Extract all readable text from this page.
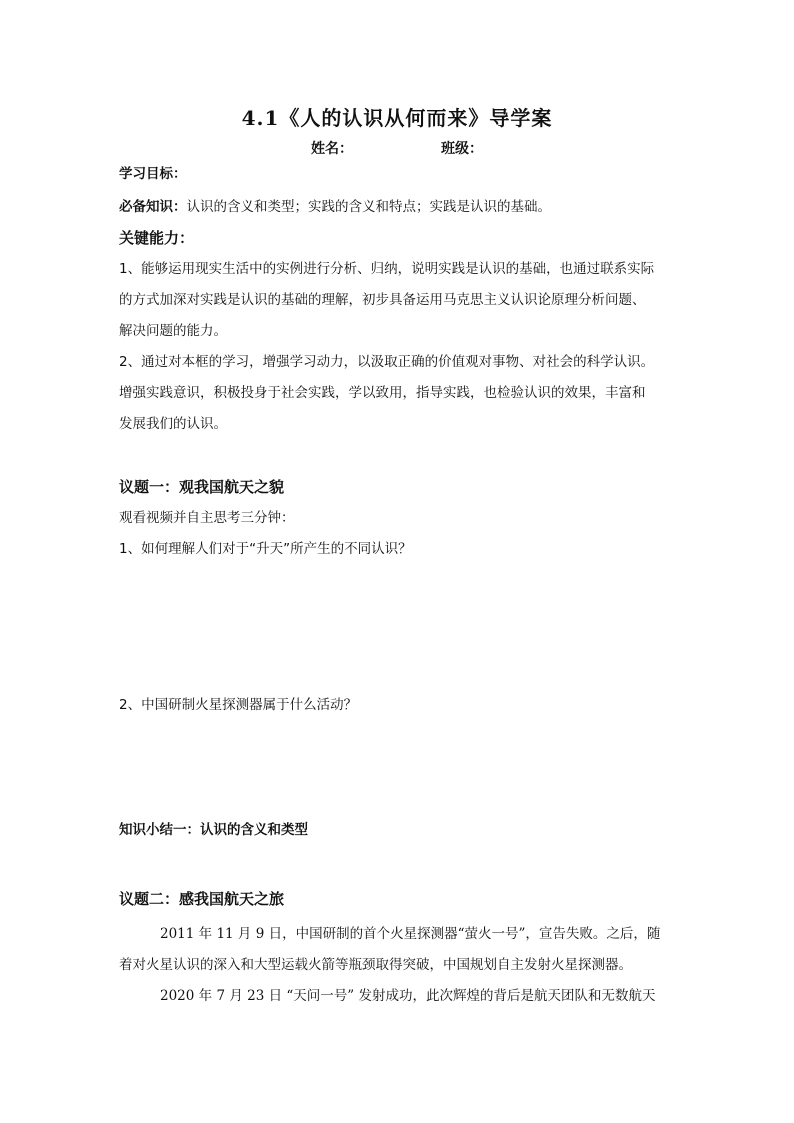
4.1《人的认识从何而来》导学案
姓名：	班级：
学习目标：
必备知识：认识的含义和类型；实践的含义和特点；实践是认识的基础。
关键能力：
1、能够运用现实生活中的实例进行分析、归纳，说明实践是认识的基础，也通过联系实际
的方式加深对实践是认识的基础的理解，初步具备运用马克思主义认识论原理分析问题、
解决问题的能力。
2、通过对本框的学习，增强学习动力，以汲取正确的价值观对事物、对社会的科学认识。
增强实践意识，积极投身于社会实践，学以致用，指导实践，也检验认识的效果，丰富和
发展我们的认识。
议题一：观我国航天之貌
观看视频并自主思考三分钟：
1、如何理解人们对于“升天”所产生的不同认识？
2、中国研制火星探测器属于什么活动？
知识小结一：认识的含义和类型
议题二：感我国航天之旅
2011 年 11 月 9 日，中国研制的首个火星探测器“萤火一号”，宣告失败。之后，随
着对火星认识的深入和大型运载火箭等瓶颈取得突破，中国规划自主发射火星探测器。
2020 年 7 月 23 日 “天问一号” 发射成功，此次辉煌的背后是航天团队和无数航天
